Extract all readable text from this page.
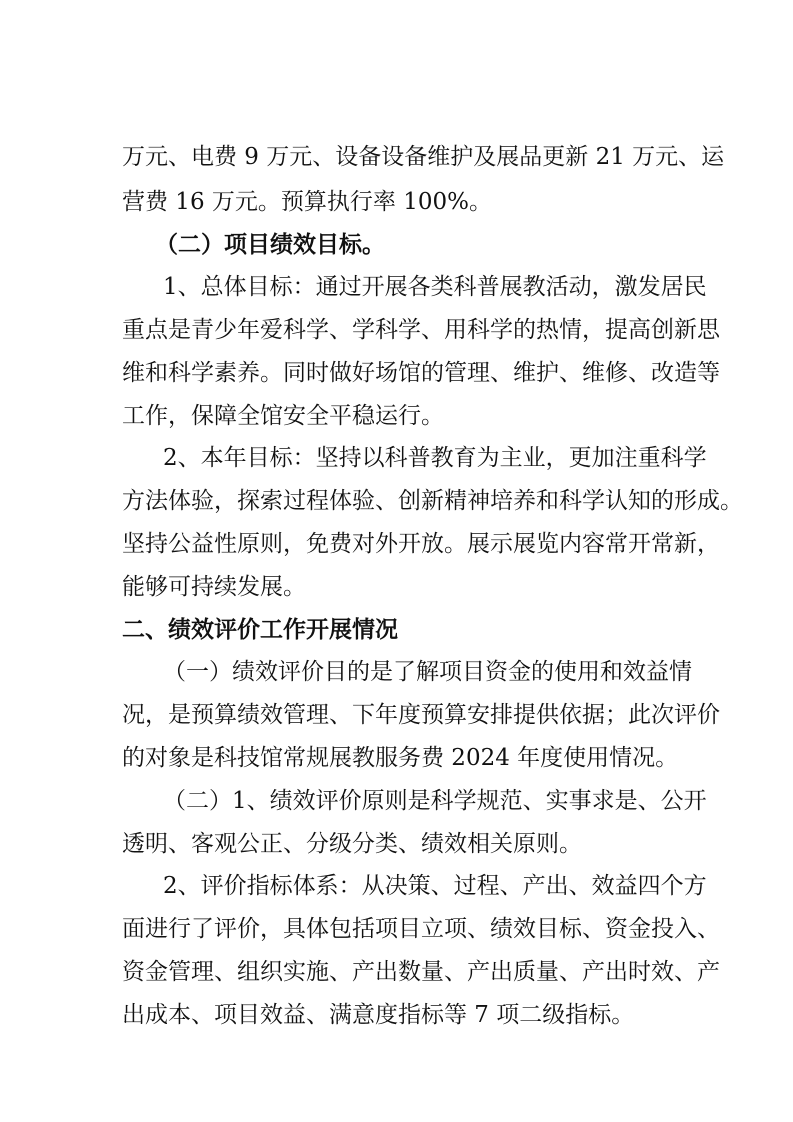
万元、电费 9 万元、设备设备维护及展品更新 21 万元、运
营费 16 万元。预算执行率 100%。
（二）项目绩效目标。
1、总体目标：通过开展各类科普展教活动，激发居民
重点是青少年爱科学、学科学、用科学的热情，提高创新思
维和科学素养。同时做好场馆的管理、维护、维修、改造等
工作，保障全馆安全平稳运行。
2、本年目标：坚持以科普教育为主业，更加注重科学
方法体验，探索过程体验、创新精神培养和科学认知的形成。
坚持公益性原则，免费对外开放。展示展览内容常开常新，
能够可持续发展。
二、绩效评价工作开展情况
（一）绩效评价目的是了解项目资金的使用和效益情
况，是预算绩效管理、下年度预算安排提供依据；此次评价
的对象是科技馆常规展教服务费 2024 年度使用情况。
（二）1、绩效评价原则是科学规范、实事求是、公开
透明、客观公正、分级分类、绩效相关原则。
2、评价指标体系：从决策、过程、产出、效益四个方
面进行了评价，具体包括项目立项、绩效目标、资金投入、
资金管理、组织实施、产出数量、产出质量、产出时效、产
出成本、项目效益、满意度指标等 7 项二级指标。
